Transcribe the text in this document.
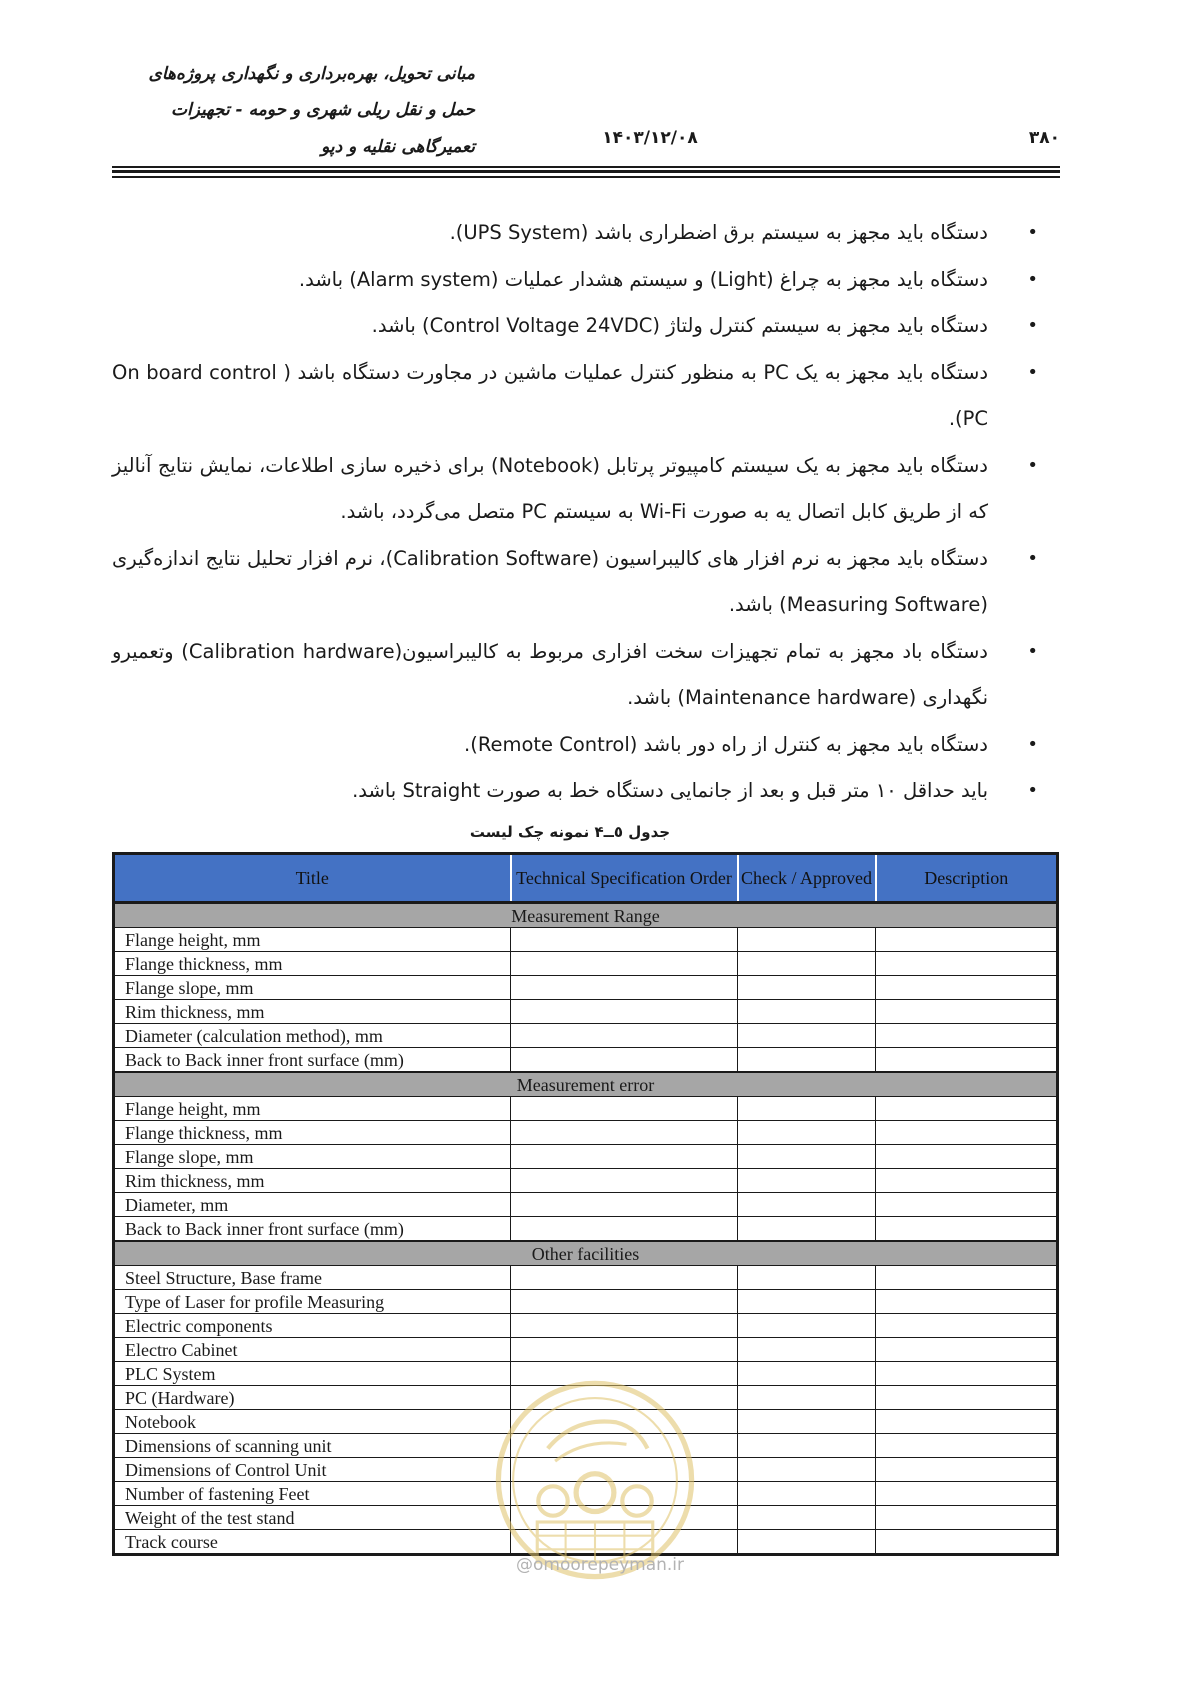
مبانی تحویل، بهره‌برداری و نگهداری پروژه‌های
حمل و نقل ریلی شهری و حومه - تجهیزات
تعمیرگاهی نقلیه و دپو	۱۴۰۳/۱۲/۰۸	۳۸۰
•
دستگاه باید مجهز به سیستم برق اضطراری باشد (UPS System).
•
دستگاه باید مجهز به چراغ (Light) و سیستم هشدار عملیات (Alarm system) باشد.
•
دستگاه باید مجهز به سیستم کنترل ولتاژ (Control Voltage 24VDC) باشد.
•
دستگاه باید مجهز به یک PC به منظور کنترل عملیات ماشین در مجاورت دستگاه باشد ( On board control PC).
•
دستگاه باید مجهز به یک سیستم کامپیوتر پرتابل (Notebook) برای ذخیره سازی اطلاعات، نمایش نتایج آنالیز که از طریق کابل اتصال یه به صورت Wi-Fi به سیستم PC متصل می‌گردد، باشد.
•
دستگاه باید مجهز به نرم افزار های کالیبراسیون (Calibration Software)، نرم افزار تحلیل نتایج اندازه‌گیری (Measuring Software) باشد.
•
دستگاه باد مجهز به تمام تجهیزات سخت افزاری مربوط به کالیبراسیون(Calibration hardware) وتعمیرو نگهداری (Maintenance hardware) باشد.
•
دستگاه باید مجهز به کنترل از راه دور باشد (Remote Control).
•
باید حداقل ۱۰ متر قبل و بعد از جانمایی دستگاه خط به صورت Straight باشد.
جدول ٥ــ۴ نمونه چک لیست
Title	Technical Specification Order	Check / Approved	Description
Measurement Range			
Flange height, mm			
Flange thickness, mm			
Flange slope, mm			
Rim thickness, mm			
Diameter (calculation method), mm			
Back to Back inner front surface (mm)			
Measurement error			
Flange height, mm			
Flange thickness, mm			
Flange slope, mm			
Rim thickness, mm			
Diameter, mm			
Back to Back inner front surface (mm)			
Other facilities			
Steel Structure, Base frame			
Type of Laser for profile Measuring			
Electric components			
Electro Cabinet			
PLC System			
PC (Hardware)			
Notebook			
Dimensions of scanning unit			
Dimensions of Control Unit			
Number of fastening Feet			
Weight of the test stand			
Track course			
@omoorepeyman.ir
